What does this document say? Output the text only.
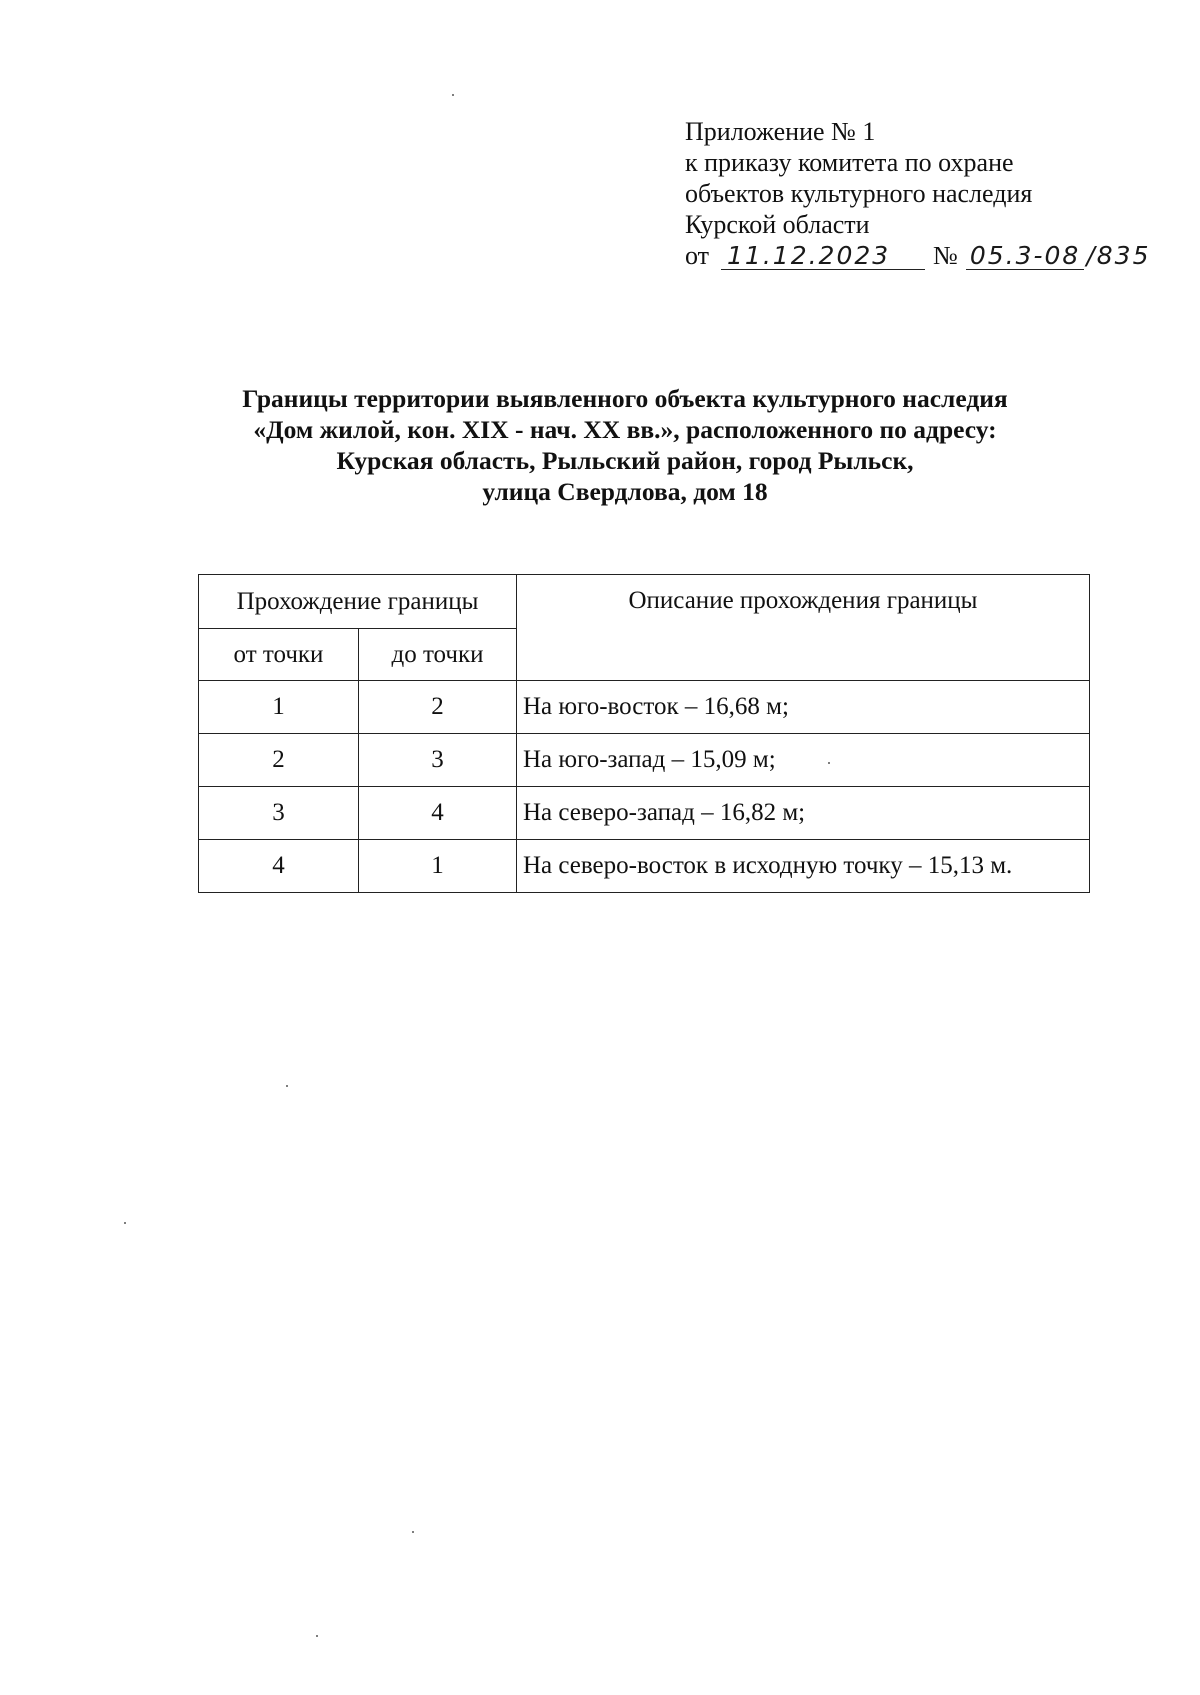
Приложение № 1
к приказу комитета по охране
объектов культурного наследия
Курской области
от 11.12.2023	№ 05.3-08 /835
Границы территории выявленного объекта культурного наследия
«Дом жилой, кон. XIX - нач. XX вв.», расположенного по адресу:
Курская область, Рыльский район, город Рыльск,
улица Свердлова, дом 18
Прохождение границы		Описание прохождения границы
от точки	до точки	
1	2	На юго-восток – 16,68 м;
2	3	На юго-запад – 15,09 м;
3	4	На северо-запад – 16,82 м;
4	1	На северо-восток в исходную точку – 15,13 м.
